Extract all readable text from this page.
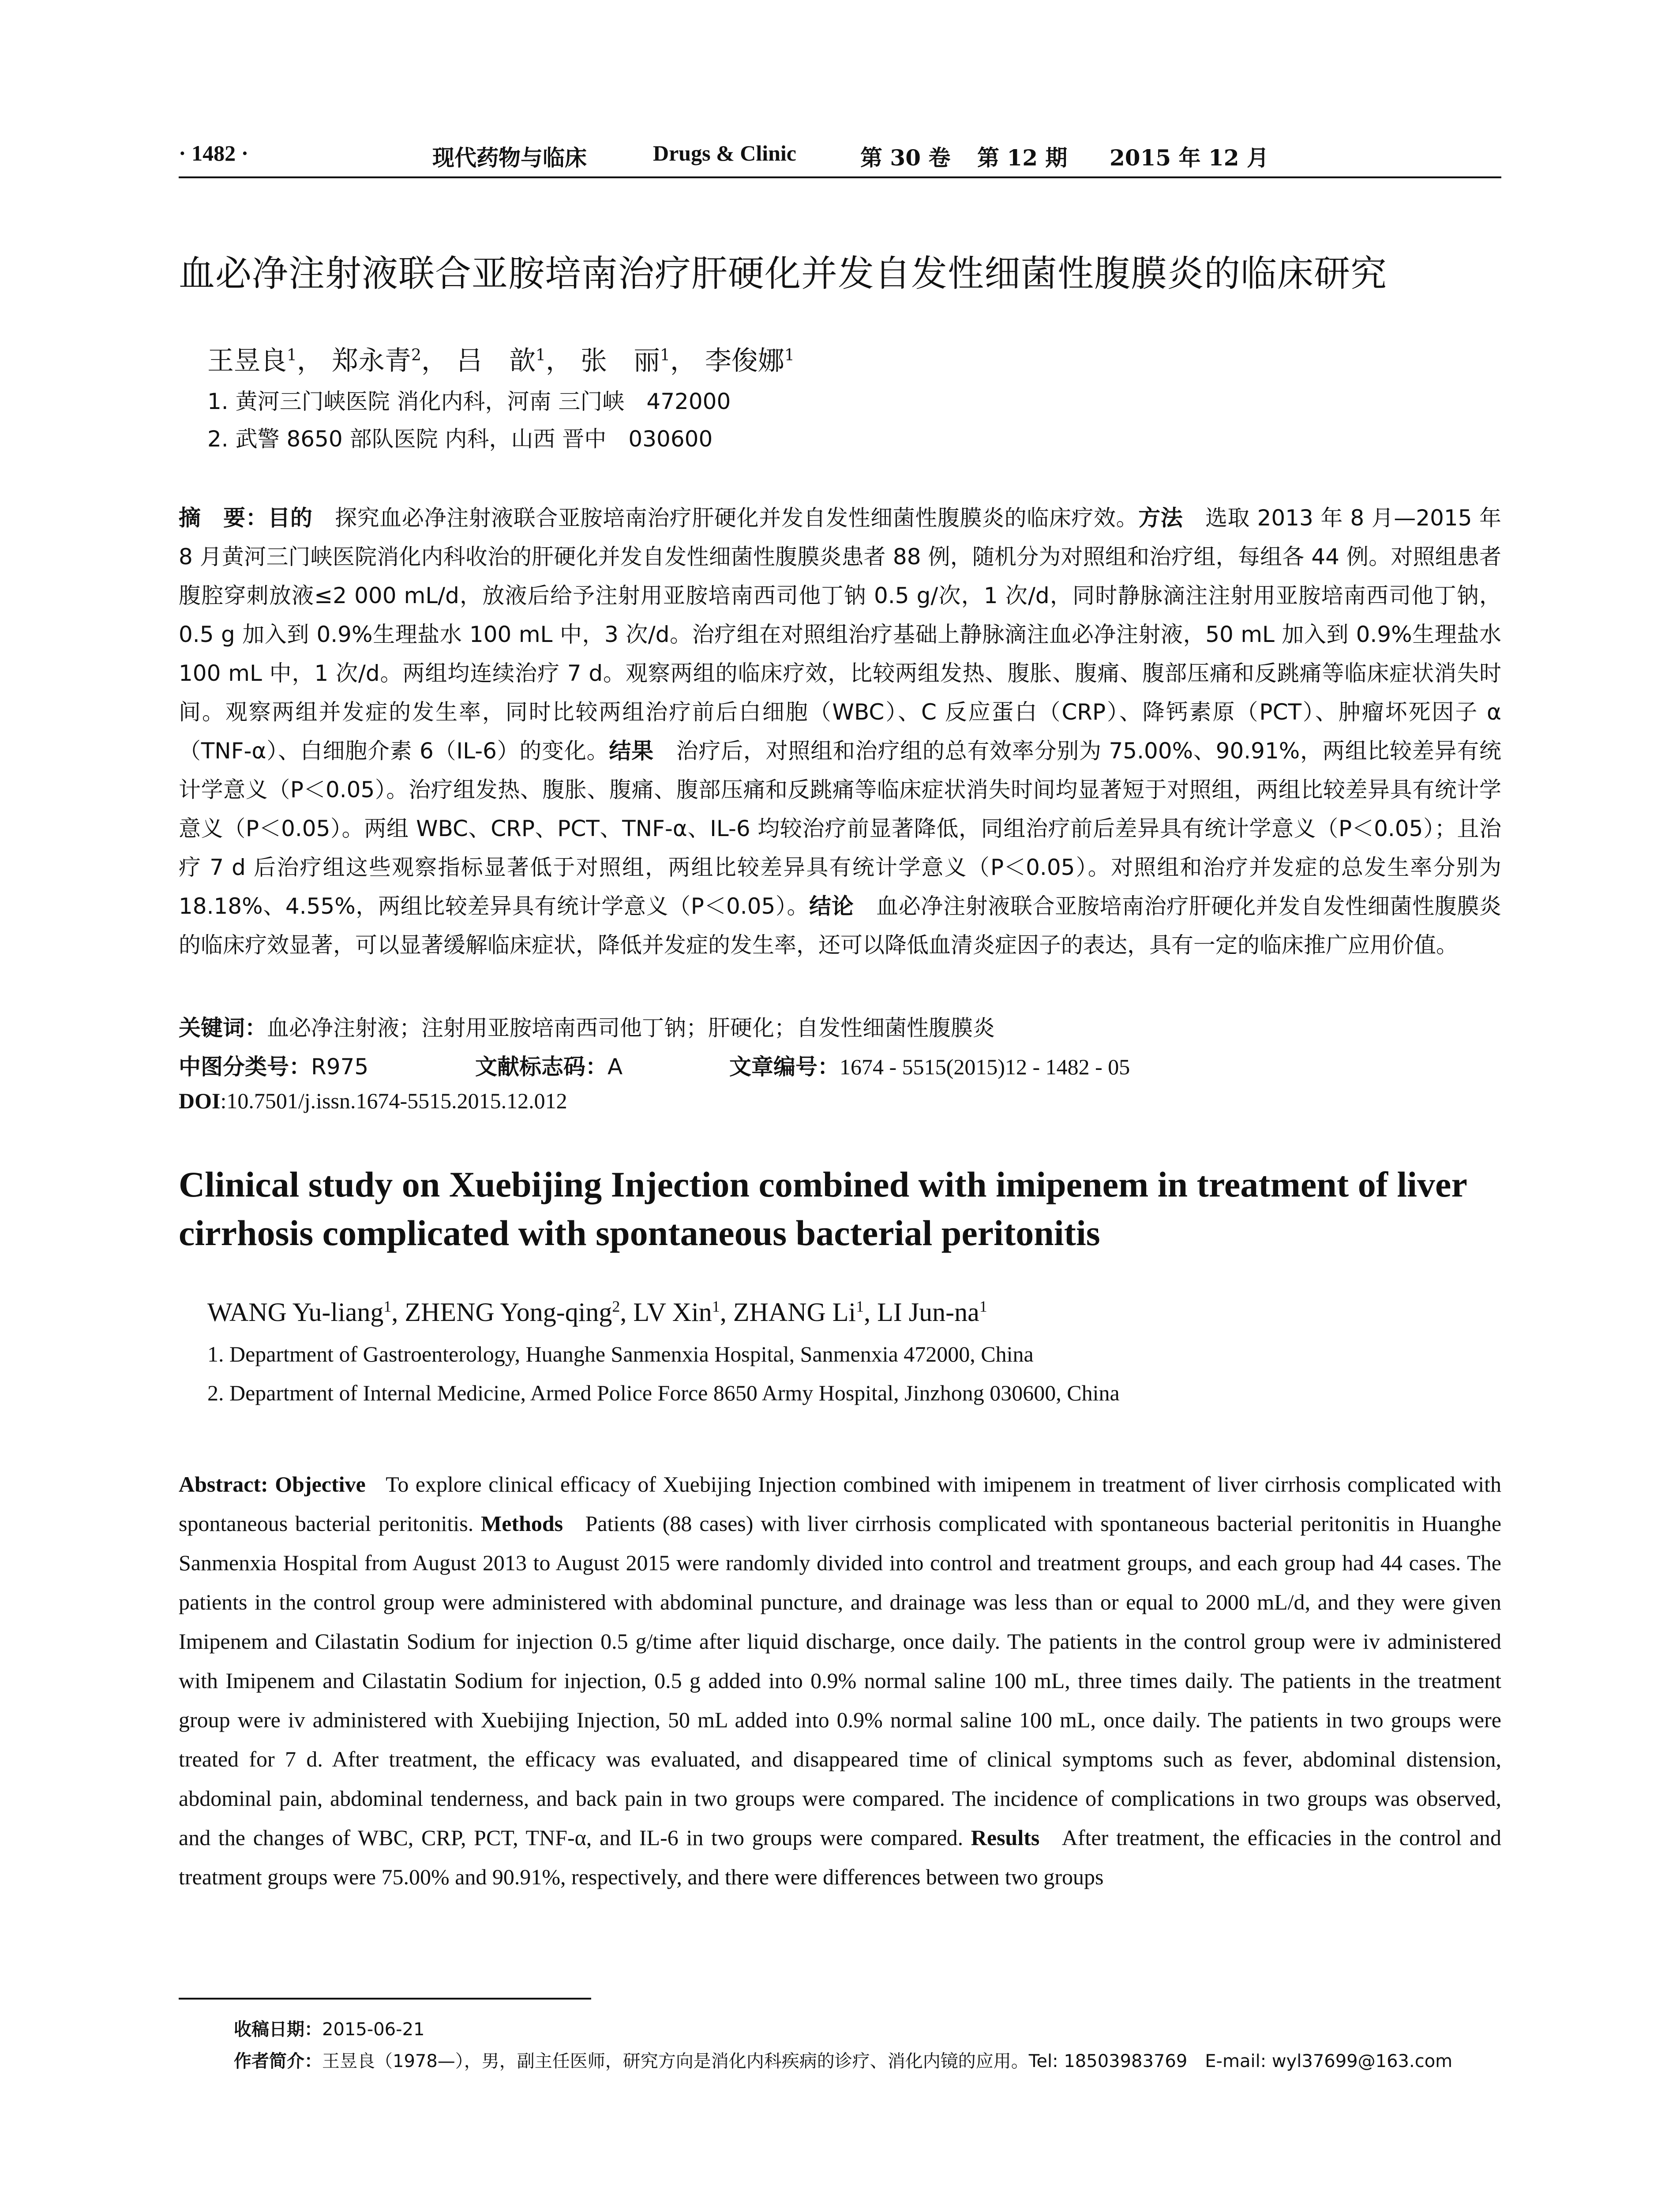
· 1482 ·	现代药物与临床	Drugs & Clinic	第 30 卷 第 12 期 2015 年 12 月
血必净注射液联合亚胺培南治疗肝硬化并发自发性细菌性腹膜炎的临床研究
王昱良$^1$， 郑永青$^2$， 吕　歆$^1$， 张　丽$^1$， 李俊娜$^1$
1. 黄河三门峡医院 消化内科，河南 三门峡　472000
2. 武警 8650 部队医院 内科，山西 晋中　030600
摘　要：目的　 探究血必净注射液联合亚胺培南治疗肝硬化并发自发性细菌性腹膜炎的临床疗效。方法　 选取 2013 年 8 月—2015 年 8 月黄河三门峡医院消化内科收治的肝硬化并发自发性细菌性腹膜炎患者 88 例，随机分为对照组和治疗组，每组各 44 例。对照组患者腹腔穿刺放液≤2 000 mL/d，放液后给予注射用亚胺培南西司他丁钠 0.5 g/次，1 次/d，同时静脉滴注注射用亚胺培南西司他丁钠，0.5 g 加入到 0.9%生理盐水 100 mL 中，3 次/d。治疗组在对照组治疗基础上静脉滴注血必净注射液，50 mL 加入到 0.9%生理盐水 100 mL 中，1 次/d。两组均连续治疗 7 d。观察两组的临床疗效，比较两组发热、腹胀、腹痛、腹部压痛和反跳痛等临床症状消失时间。观察两组并发症的发生率，同时比较两组治疗前后白细胞（WBC）、C 反应蛋白（CRP）、降钙素原（PCT）、肿瘤坏死因子 α（TNF-α）、白细胞介素 6（IL-6）的变化。结果　 治疗后，对照组和治疗组的总有效率分别为 75.00%、90.91%，两组比较差异有统计学意义（P＜0.05）。治疗组发热、腹胀、腹痛、腹部压痛和反跳痛等临床症状消失时间均显著短于对照组，两组比较差异具有统计学意义（P＜0.05）。两组 WBC、CRP、PCT、TNF-α、IL-6 均较治疗前显著降低，同组治疗前后差异具有统计学意义（P＜0.05）；且治疗 7 d 后治疗组这些观察指标显著低于对照组，两组比较差异具有统计学意义（P＜0.05）。对照组和治疗并发症的总发生率分别为 18.18%、4.55%，两组比较差异具有统计学意义（P＜0.05）。结论　 血必净注射液联合亚胺培南治疗肝硬化并发自发性细菌性腹膜炎的临床疗效显著，可以显著缓解临床症状，降低并发症的发生率，还可以降低血清炎症因子的表达，具有一定的临床推广应用价值。
关键词：血必净注射液；注射用亚胺培南西司他丁钠；肝硬化；自发性细菌性腹膜炎
中图分类号：R975	文献标志码：A	文章编号：1674 - 5515(2015)12 - 1482 - 05
DOI:10.7501/j.issn.1674-5515.2015.12.012
Clinical study on Xuebijing Injection combined with imipenem in treatment of liver cirrhosis complicated with spontaneous bacterial peritonitis
WANG Yu-liang$^1$, ZHENG Yong-qing$^2$, LV Xin$^1$, ZHANG Li$^1$, LI Jun-$na^1$
1. Department of Gastroenterology, Huanghe Sanmenxia Hospital, Sanmenxia 472000, China
2. Department of Internal Medicine, Armed Police Force 8650 Army Hospital, Jinzhong 030600, China
Abstract: Objective To explore clinical efficacy of Xuebijing Injection combined with imipenem in treatment of liver cirrhosis complicated with spontaneous bacterial peritonitis. Methods Patients (88 cases) with liver cirrhosis complicated with spontaneous bacterial peritonitis in Huanghe Sanmenxia Hospital from August 2013 to August 2015 were randomly divided into control and treatment groups, and each group had 44 cases. The patients in the control group were administered with abdominal puncture, and drainage was less than or equal to 2000 mL/d, and they were given Imipenem and Cilastatin Sodium for injection 0.5 g/time after liquid discharge, once daily. The patients in the control group were iv administered with Imipenem and Cilastatin Sodium for injection, 0.5 g added into 0.9% normal saline 100 mL, three times daily. The patients in the treatment group were iv administered with Xuebijing Injection, 50 mL added into 0.9% normal saline 100 mL, once daily. The patients in two groups were treated for 7 d. After treatment, the efficacy was evaluated, and disappeared time of clinical symptoms such as fever, abdominal distension, abdominal pain, abdominal tenderness, and back pain in two groups were compared. The incidence of complications in two groups was observed, and the changes of WBC, CRP, PCT, TNF-α, and IL-6 in two groups were compared. Results After treatment, the efficacies in the control and treatment groups were 75.00% and 90.91%, respectively, and there were differences between two groups
收稿日期：2015-06-21
作者简介：王昱良（1978—），男，副主任医师，研究方向是消化内科疾病的诊疗、消化内镜的应用。Tel: 18503983769　E-mail: wyl37699@163.com
